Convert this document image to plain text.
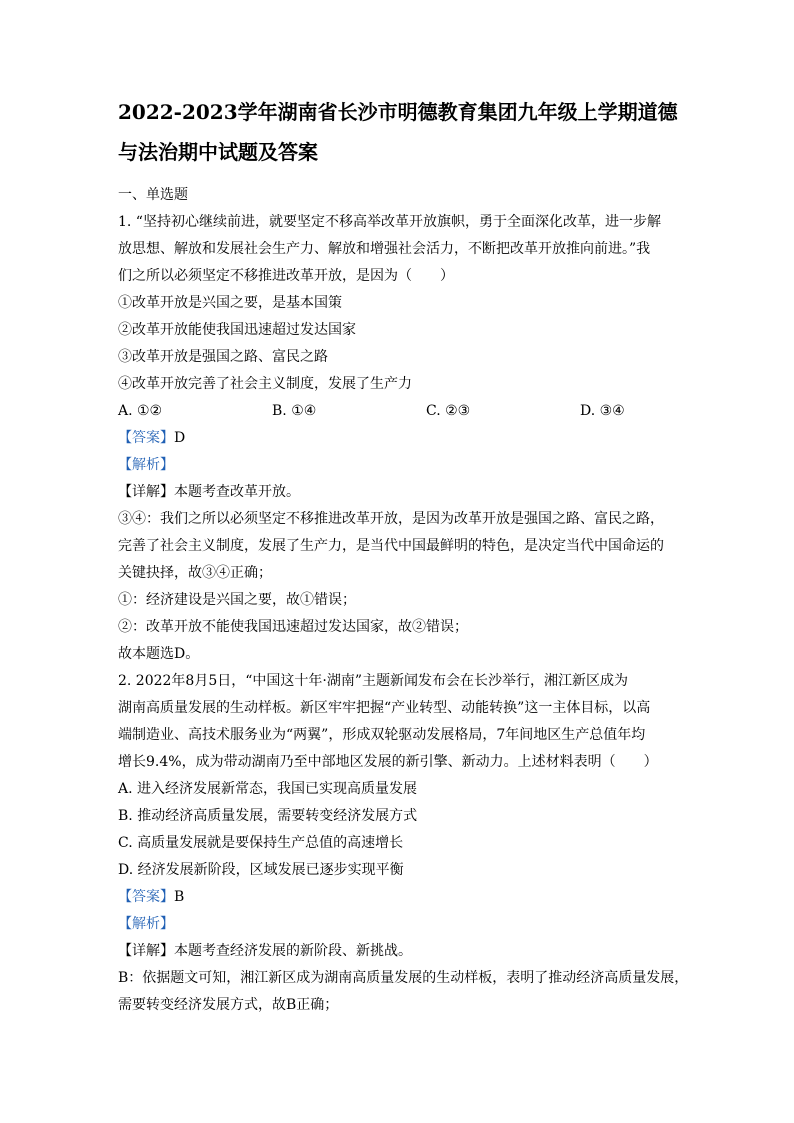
2022-2023学年湖南省长沙市明德教育集团九年级上学期道德与法治期中试题及答案
一、单选题
1. “坚持初心继续前进，就要坚定不移高举改革开放旗帜，勇于全面深化改革，进一步解
放思想、解放和发展社会生产力、解放和增强社会活力，不断把改革开放推向前进。”我
们之所以必须坚定不移推进改革开放，是因为（　　）
①改革开放是兴国之要，是基本国策
②改革开放能使我国迅速超过发达国家
③改革开放是强国之路、富民之路
④改革开放完善了社会主义制度，发展了生产力
A. ①②	B. ①④	C. ②③	D. ③④
【答案】D
【解析】
【详解】本题考查改革开放。
③④：我们之所以必须坚定不移推进改革开放，是因为改革开放是强国之路、富民之路，
完善了社会主义制度，发展了生产力，是当代中国最鲜明的特色，是决定当代中国命运的
关键抉择，故③④正确；
①：经济建设是兴国之要，故①错误；
②：改革开放不能使我国迅速超过发达国家，故②错误；
故本题选D。
2. 2022年8月5日，“中国这十年·湖南”主题新闻发布会在长沙举行，湘江新区成为
湖南高质量发展的生动样板。新区牢牢把握“产业转型、动能转换”这一主体目标，以高
端制造业、高技术服务业为“两翼”，形成双轮驱动发展格局，7年间地区生产总值年均
增长9.4%，成为带动湖南乃至中部地区发展的新引擎、新动力。上述材料表明（　　）
A. 进入经济发展新常态，我国已实现高质量发展
B. 推动经济高质量发展，需要转变经济发展方式
C. 高质量发展就是要保持生产总值的高速增长
D. 经济发展新阶段，区域发展已逐步实现平衡
【答案】B
【解析】
【详解】本题考查经济发展的新阶段、新挑战。
B：依据题文可知，湘江新区成为湖南高质量发展的生动样板，表明了推动经济高质量发展，
需要转变经济发展方式，故B正确；
